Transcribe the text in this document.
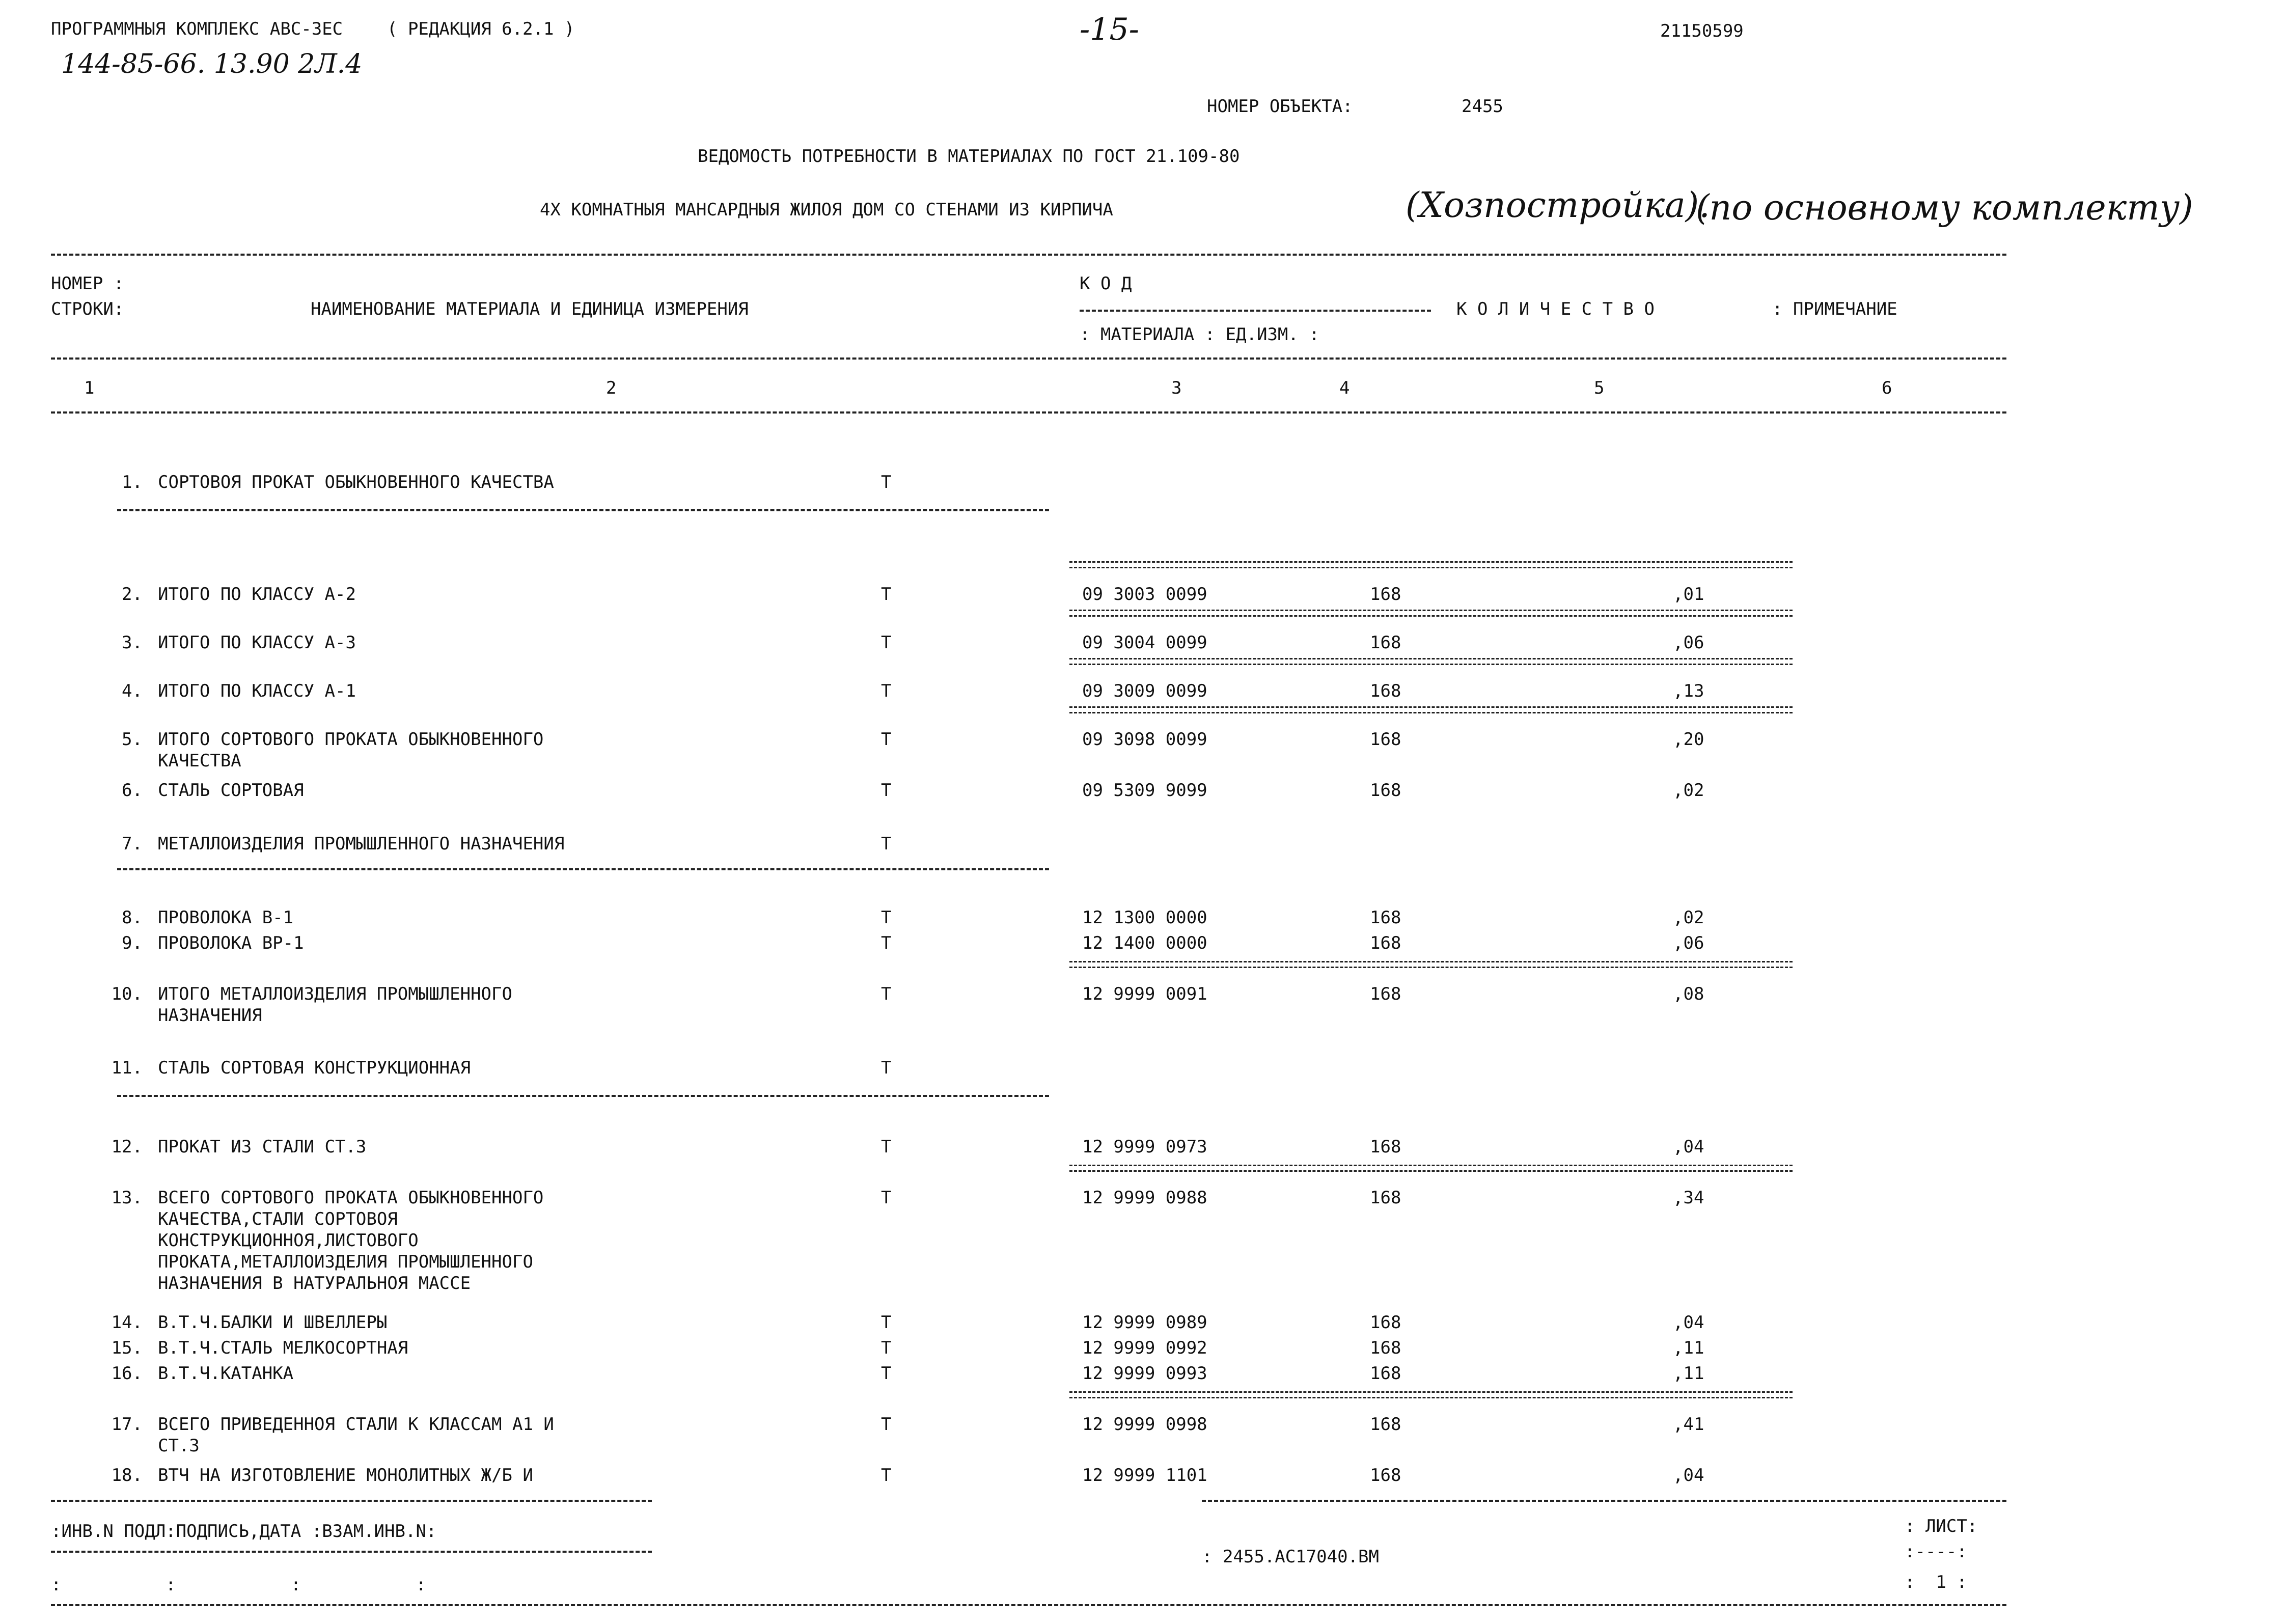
ПРОГРАММНЫЯ КОМПЛЕКС АВС-ЗЕС	( РЕДАКЦИЯ 6.2.1 )	-15-	21150599
144-85-66. 13.90 2Л.4
НОМЕР ОБЪЕКТА:	2455
ВЕДОМОСТЬ ПОТРЕБНОСТИ В МАТЕРИАЛАХ ПО ГОСТ 21.109-80
4Х КОМНАТНЫЯ МАНСАРДНЫЯ ЖИЛОЯ ДОМ СО СТЕНАМИ ИЗ КИРПИЧА	(Хозпостройка).
(по основному комплекту)
НОМЕР :
СТРОКИ:	НАИМЕНОВАНИЕ МАТЕРИАЛА И ЕДИНИЦА ИЗМЕРЕНИЯ
К О Д
: МАТЕРИАЛА : ЕД.ИЗМ. :
К О Л И Ч Е С Т В О	: ПРИМЕЧАНИЕ
1	2	3	4	5	6
1. СОРТОВОЯ ПРОКАТ ОБЫКНОВЕННОГО КАЧЕСТВА	Т
2. ИТОГО ПО КЛАССУ А-2	Т	09 3003 0099	168	,01
3. ИТОГО ПО КЛАССУ А-3	Т	09 3004 0099	168	,06
4. ИТОГО ПО КЛАССУ А-1	Т	09 3009 0099	168	,13
5. ИТОГО СОРТОВОГО ПРОКАТА ОБЫКНОВЕННОГО
КАЧЕСТВА
Т	09 3098 0099	168	,20
6. СТАЛЬ СОРТОВАЯ	Т	09 5309 9099	168	,02
7. МЕТАЛЛОИЗДЕЛИЯ ПРОМЫШЛЕННОГО НАЗНАЧЕНИЯ	Т
8. ПРОВОЛОКА В-1	Т	12 1300 0000	168	,02
9. ПРОВОЛОКА ВР-1	Т	12 1400 0000	168	,06
10. ИТОГО МЕТАЛЛОИЗДЕЛИЯ ПРОМЫШЛЕННОГО
НАЗНАЧЕНИЯ
Т	12 9999 0091	168	,08
11. СТАЛЬ СОРТОВАЯ КОНСТРУКЦИОННАЯ	Т
12. ПРОКАТ ИЗ СТАЛИ СТ.3	Т	12 9999 0973	168	,04
13. ВСЕГО СОРТОВОГО ПРОКАТА ОБЫКНОВЕННОГО
КАЧЕСТВА,СТАЛИ СОРТОВОЯ
КОНСТРУКЦИОННОЯ,ЛИСТОВОГО
ПРОКАТА,МЕТАЛЛОИЗДЕЛИЯ ПРОМЫШЛЕННОГО
НАЗНАЧЕНИЯ В НАТУРАЛЬНОЯ МАССЕ
Т	12 9999 0988	168	,34
14. В.Т.Ч.БАЛКИ И ШВЕЛЛЕРЫ	Т	12 9999 0989	168	,04
15. В.Т.Ч.СТАЛЬ МЕЛКОСОРТНАЯ	Т	12 9999 0992	168	,11
16. В.Т.Ч.КАТАНКА	Т	12 9999 0993	168	,11
17. ВСЕГО ПРИВЕДЕННОЯ СТАЛИ К КЛАССАМ А1 И
СТ.3
Т	12 9999 0998	168	,41
18. ВТЧ НА ИЗГОТОВЛЕНИЕ МОНОЛИТНЫХ Ж/Б И	Т	12 9999 1101	168	,04
:ИНВ.N ПОДЛ:ПОДПИСЬ,ДАТА :ВЗАМ.ИНВ.N:
:          :           :           :
: 2455.АС17040.ВМ
: ЛИСТ:
:----:
:  1 :
